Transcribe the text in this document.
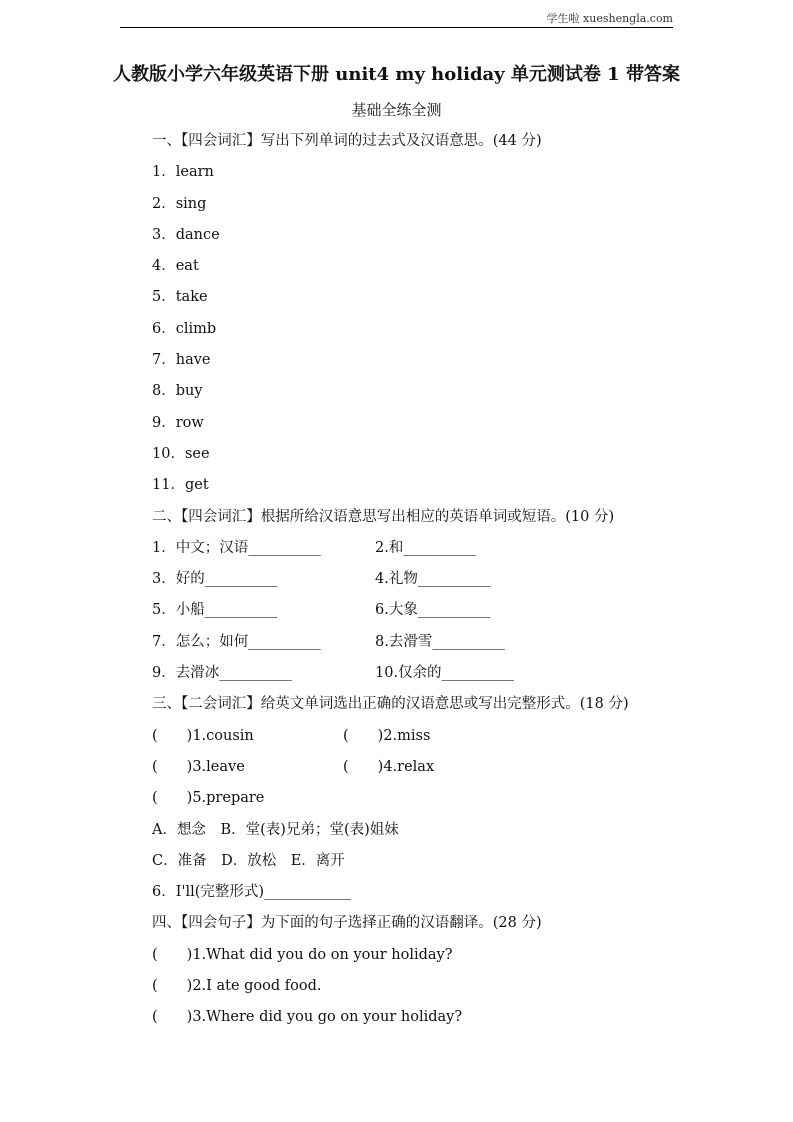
学生啦 xueshengla.com
人教版小学六年级英语下册 unit4 my holiday 单元测试卷 1 带答案
基础全练全测
一、【四会词汇】写出下列单词的过去式及汉语意思。(44 分)
1．learn
2．sing
3．dance
4．eat
5．take
6．climb
7．have
8．buy
9．row
10．see
11．get
二、【四会词汇】根据所给汉语意思写出相应的英语单词或短语。(10 分)
1．中文；汉语__________	2.和__________
3．好的__________	4.礼物__________
5．小船__________	6.大象__________
7．怎么；如何__________	8.去滑雪__________
9．去滑冰__________	10.仅余的__________
三、【二会词汇】给英文单词选出正确的汉语意思或写出完整形式。(18 分)
(　　)1.cousin	(　　)2.miss
(　　)3.leave	(　　)4.relax
(　　)5.prepare
A．想念　B．堂(表)兄弟；堂(表)姐妹
C．准备　D．放松　E．离开
6．I'll(完整形式)____________
四、【四会句子】为下面的句子选择正确的汉语翻译。(28 分)
(　　)1.What did you do on your holiday?
(　　)2.I ate good food.
(　　)3.Where did you go on your holiday?
